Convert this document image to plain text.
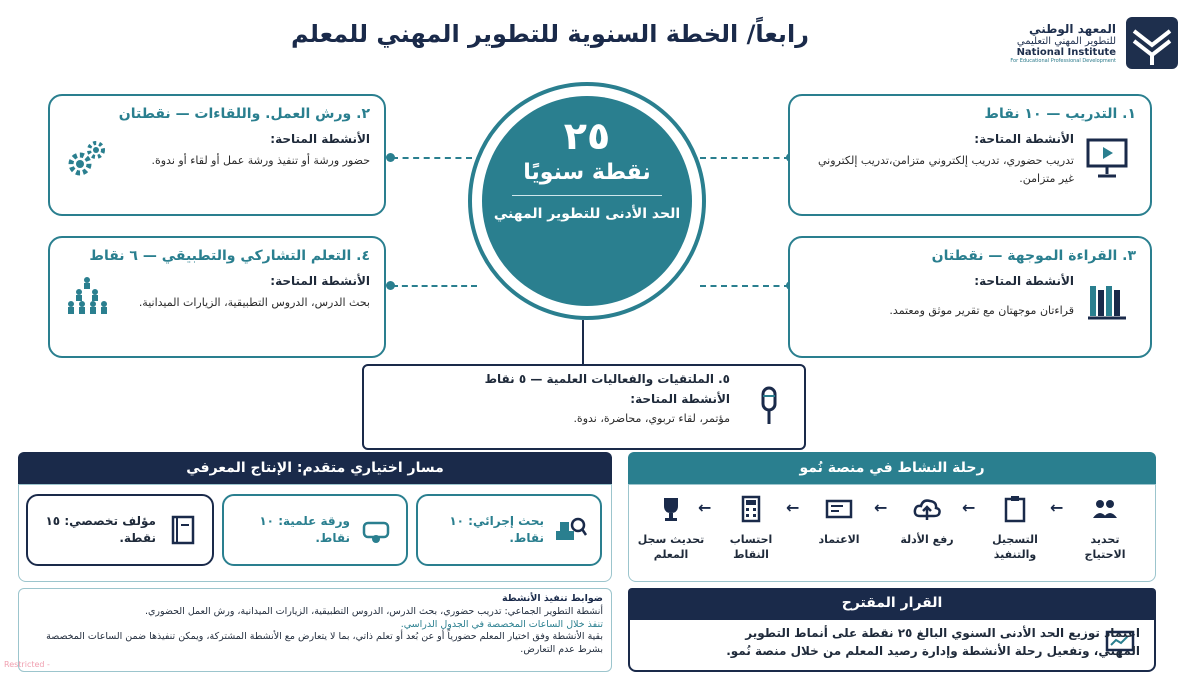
رابعاً/ الخطة السنوية للتطوير المهني للمعلم	المعهد الوطني
للتطوير المهني التعليمي
National Institute
For Educational Professional Development
٢٥
نقطة سنويًا
الحد الأدنى للتطوير المهني
١. التدريب — ١٠ نقاط
الأنشطة المتاحة:
تدريب حضوري، تدريب إلكتروني متزامن،تدريب إلكتروني غير متزامن.
٢. ورش العمل. واللقاءات — نقطتان
الأنشطة المتاحة:
حضور ورشة أو تنفيذ ورشة عمل أو لقاء أو ندوة.
٣. القراءة الموجهة — نقطتان
الأنشطة المتاحة:
قراءتان موجهتان مع تقرير موثق ومعتمد.
٤. التعلم التشاركي والتطبيقي — ٦ نقاط
الأنشطة المتاحة:
بحث الدرس، الدروس التطبيقية، الزيارات الميدانية.
٥. الملتقيات والفعاليات العلمية — ٥ نقاط
الأنشطة المتاحة:
مؤتمر، لقاء تربوي، محاضرة، ندوة.
مسار اختياري متقدم: الإنتاج المعرفي
بحث إجرائي: ١٠
نقاط.
ورقة علمية: ١٠
نقاط.
مؤلف تخصصي: ١٥
نقطة.
رحلة النشاط في منصة نُمو
تحديد الاحتياج
←
التسجيل والتنفيذ
←
رفع الأدلة
←
الاعتماد
←
احتساب النقاط
←
تحديث سجل المعلم
ضوابط تنفيذ الأنشطة
أنشطة التطوير الجماعي: تدريب حضوري، بحث الدرس، الدروس التطبيقية، الزيارات الميدانية، ورش العمل الحضوري.
تنفذ خلال الساعات المخصصة في الجدول الدراسي.
بقية الأنشطة وفق اختيار المعلم حضورياً أو عن بُعد أو تعلم ذاتي، بما لا يتعارض مع الأنشطة المشتركة، ويمكن تنفيذها ضمن الساعات المخصصة بشرط عدم التعارض.
القرار المقترح
اعتماد توزيع الحد الأدنى السنوي البالغ ٢٥ نقطة على أنماط التطوير المهني، وتفعيل رحلة الأنشطة وإدارة رصيد المعلم من خلال منصة نُمو.
Restricted -
